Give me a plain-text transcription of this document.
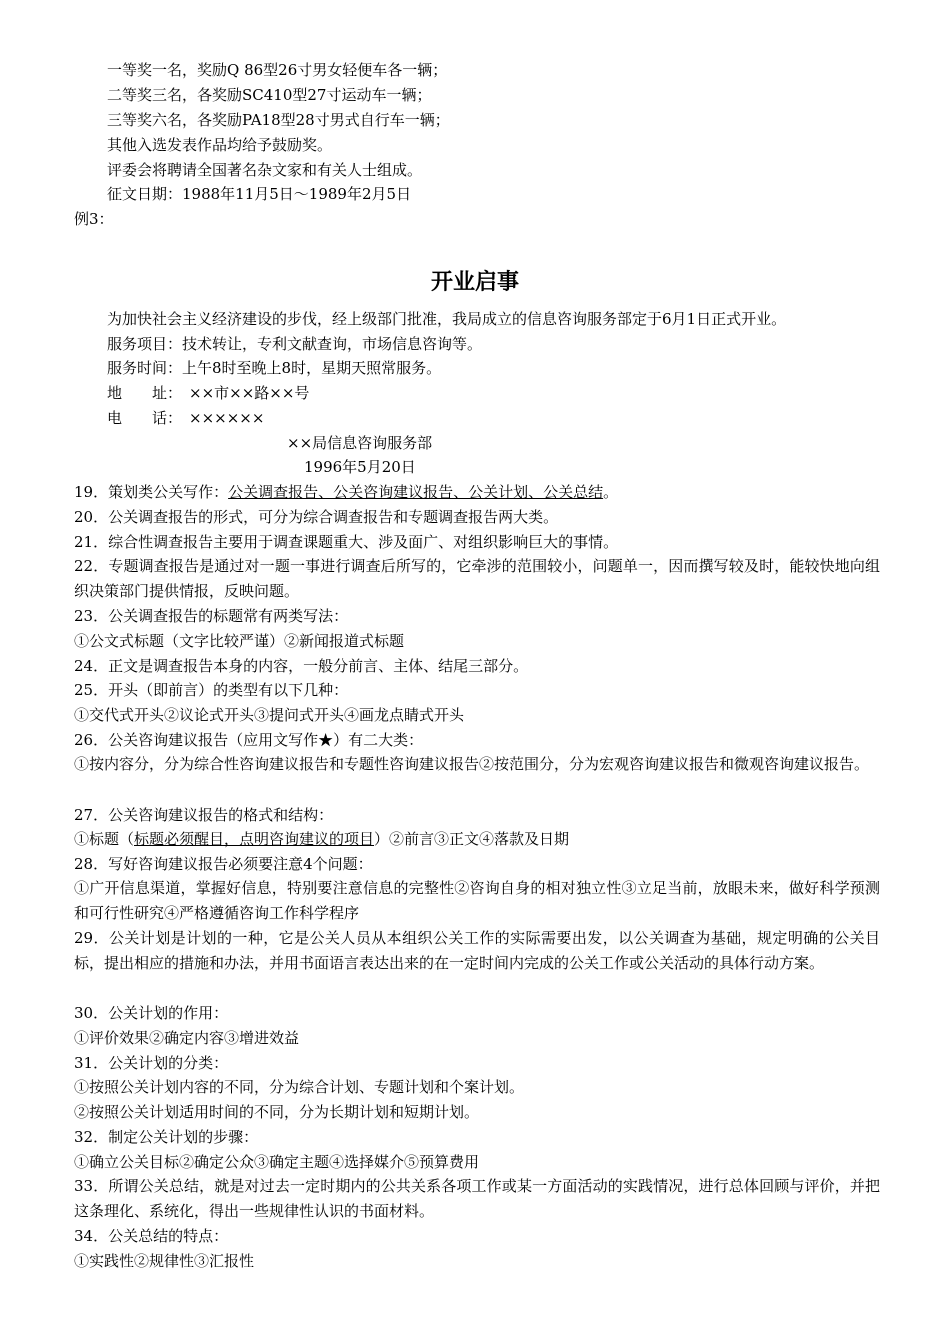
一等奖一名，奖励Q 86型26寸男女轻便车各一辆；
二等奖三名，各奖励SC410型27寸运动车一辆；
三等奖六名，各奖励PA18型28寸男式自行车一辆；
其他入选发表作品均给予鼓励奖。
评委会将聘请全国著名杂文家和有关人士组成。
征文日期：1988年11月5日～1989年2月5日
例3：
开业启事
为加快社会主义经济建设的步伐，经上级部门批准，我局成立的信息咨询服务部定于6月1日正式开业。
服务项目：技术转让，专利文献查询，市场信息咨询等。
服务时间：上午8时至晚上8时，星期天照常服务。
地　　址： ××市××路××号
电　　话： ××××××
××局信息咨询服务部
1996年5月20日
19．策划类公关写作：公关调查报告、公关咨询建议报告、公关计划、公关总结。
20．公关调查报告的形式，可分为综合调查报告和专题调查报告两大类。
21．综合性调查报告主要用于调查课题重大、涉及面广、对组织影响巨大的事情。
22．专题调查报告是通过对一题一事进行调查后所写的，它牵涉的范围较小，问题单一，因而撰写较及时，能较快地向组织决策部门提供情报，反映问题。
23．公关调查报告的标题常有两类写法：
①公文式标题（文字比较严谨）②新闻报道式标题
24．正文是调查报告本身的内容，一般分前言、主体、结尾三部分。
25．开头（即前言）的类型有以下几种：
①交代式开头②议论式开头③提问式开头④画龙点睛式开头
26．公关咨询建议报告（应用文写作★）有二大类：
①按内容分，分为综合性咨询建议报告和专题性咨询建议报告②按范围分，分为宏观咨询建议报告和微观咨询建议报告。
27．公关咨询建议报告的格式和结构：
①标题（标题必须醒目，点明咨询建议的项目）②前言③正文④落款及日期
28．写好咨询建议报告必须要注意4个问题：
①广开信息渠道，掌握好信息，特别要注意信息的完整性②咨询自身的相对独立性③立足当前，放眼未来，做好科学预测和可行性研究④严格遵循咨询工作科学程序
29．公关计划是计划的一种，它是公关人员从本组织公关工作的实际需要出发，以公关调查为基础，规定明确的公关目标，提出相应的措施和办法，并用书面语言表达出来的在一定时间内完成的公关工作或公关活动的具体行动方案。
30．公关计划的作用：
①评价效果②确定内容③增进效益
31．公关计划的分类：
①按照公关计划内容的不同，分为综合计划、专题计划和个案计划。
②按照公关计划适用时间的不同，分为长期计划和短期计划。
32．制定公关计划的步骤：
①确立公关目标②确定公众③确定主题④选择媒介⑤预算费用
33．所谓公关总结，就是对过去一定时期内的公共关系各项工作或某一方面活动的实践情况，进行总体回顾与评价，并把这条理化、系统化，得出一些规律性认识的书面材料。
34．公关总结的特点：
①实践性②规律性③汇报性
